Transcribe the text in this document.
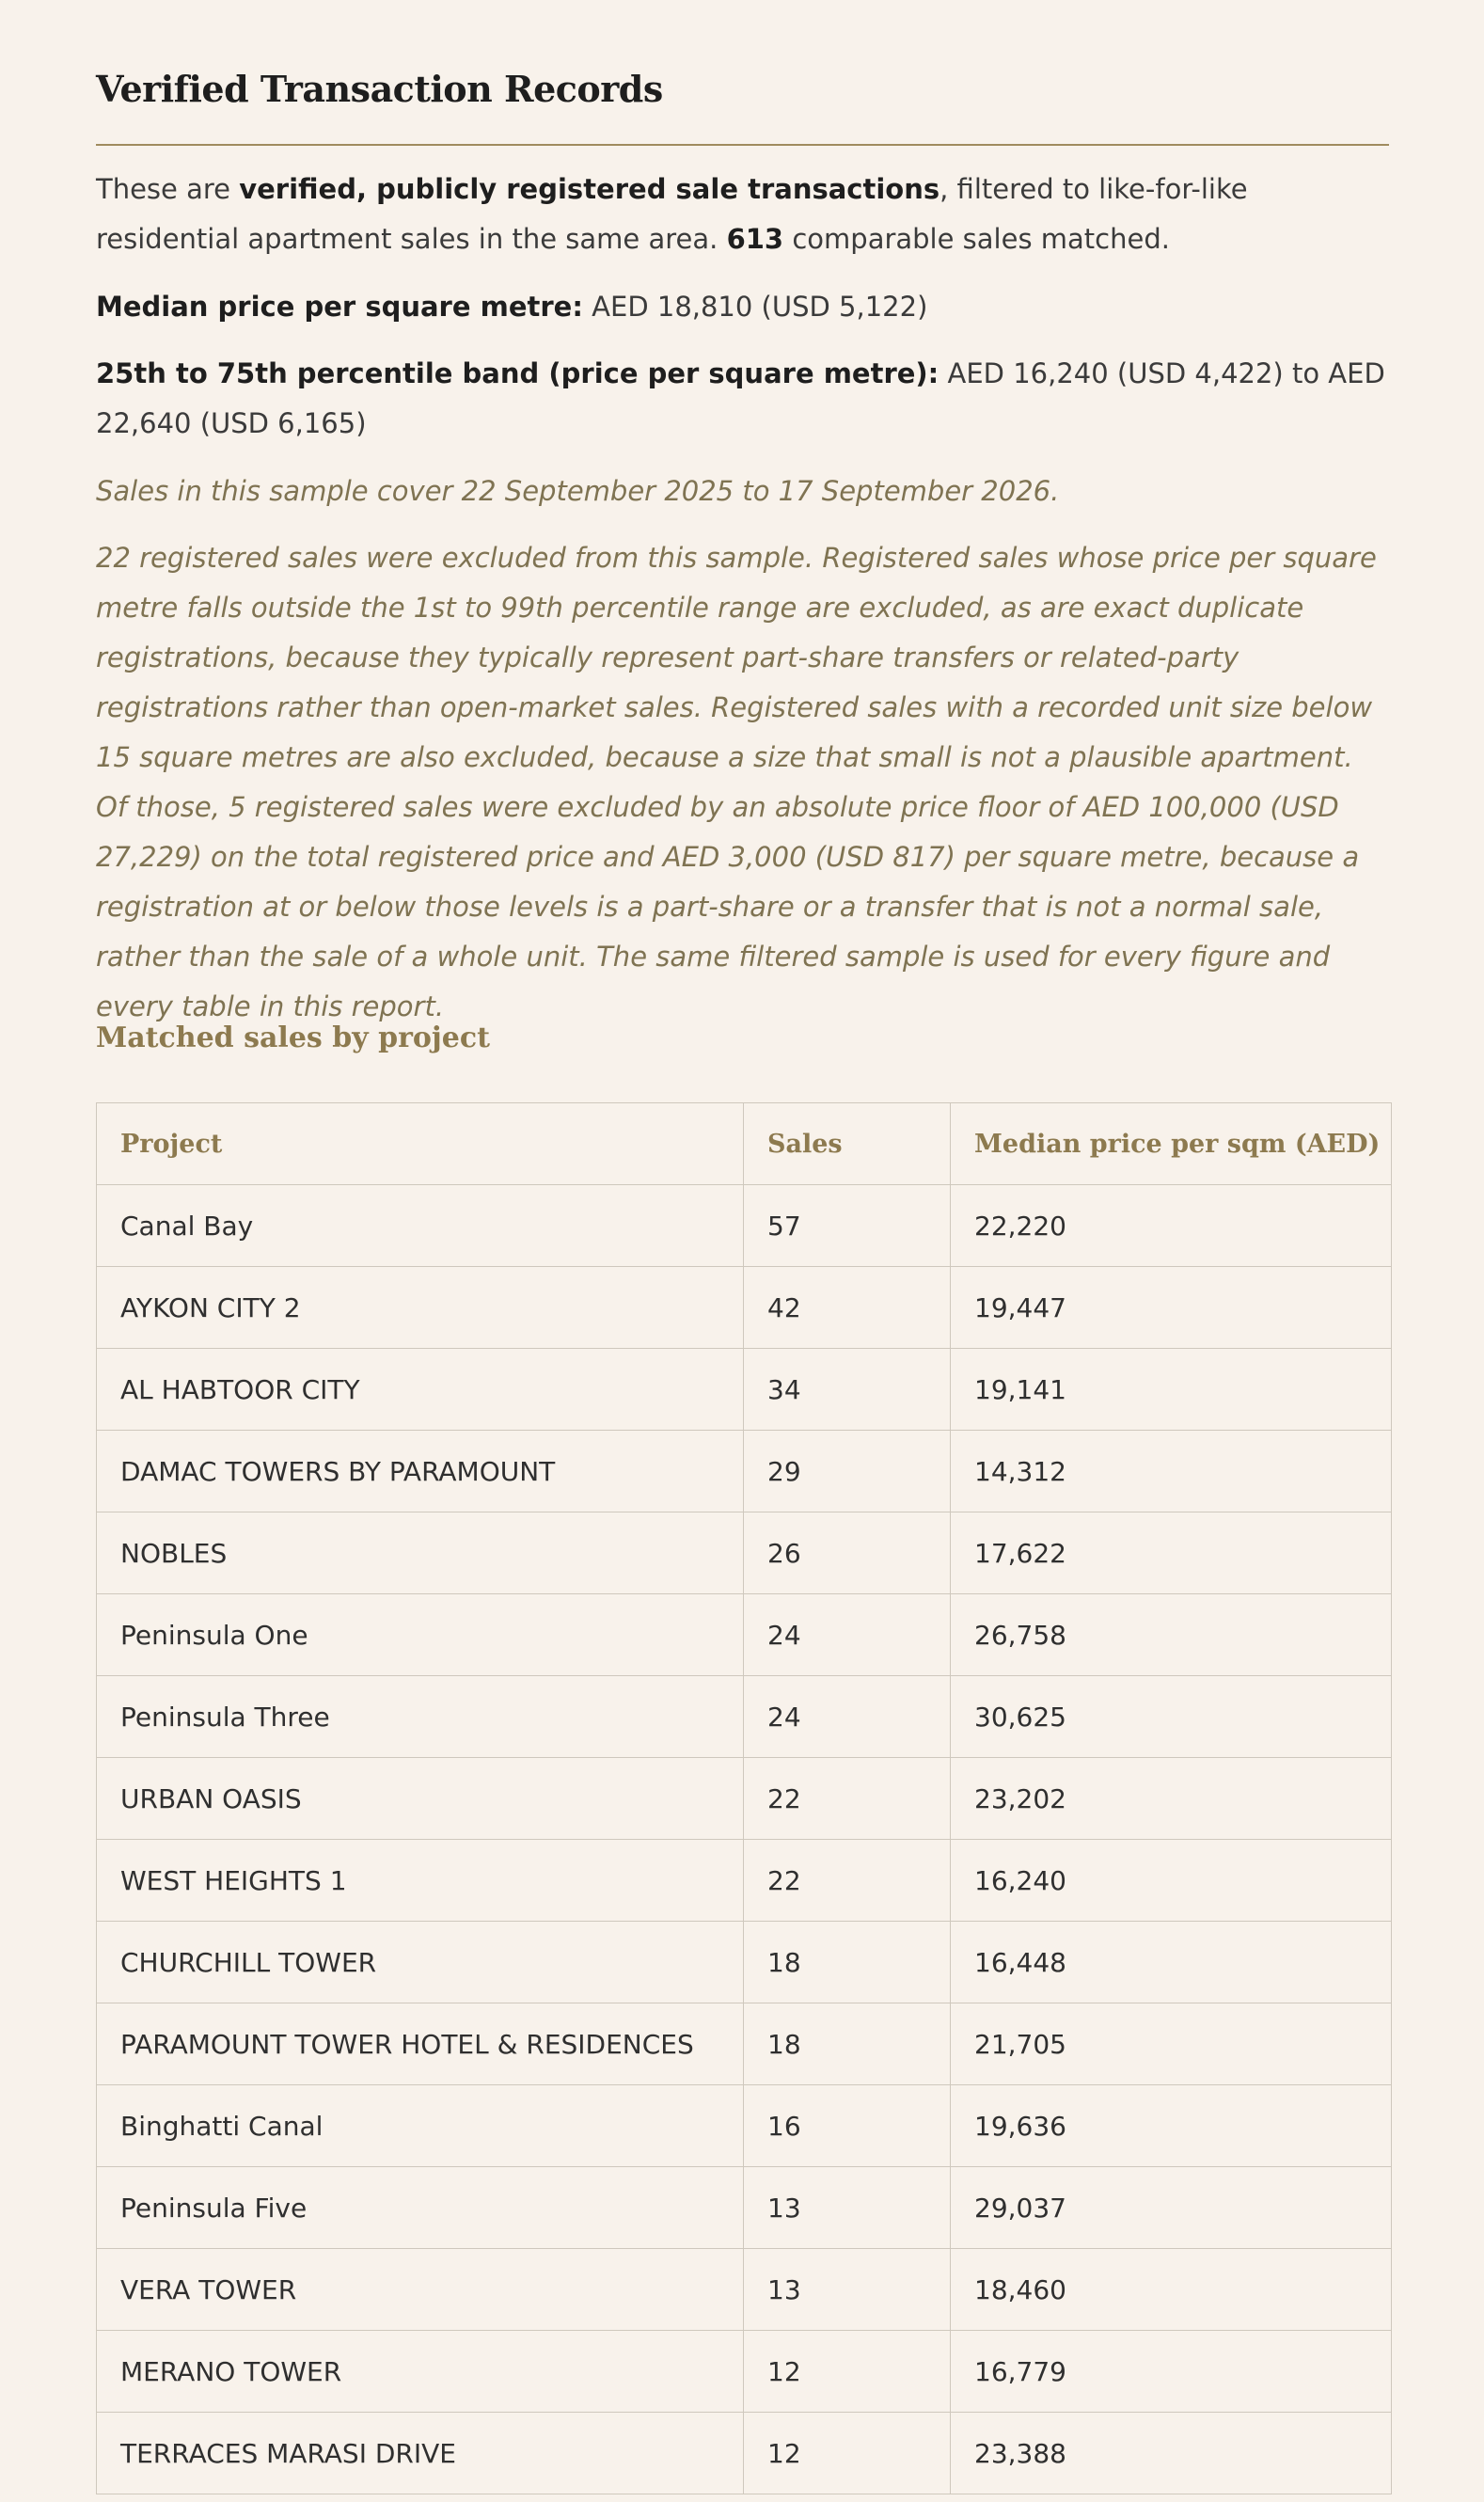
Verified Transaction Records

These are verified, publicly registered sale transactions, filtered to like-for-like residential apartment sales in the same area. 613 comparable sales matched.

Median price per square metre: AED 18,810 (USD 5,122)

25th to 75th percentile band (price per square metre): AED 16,240 (USD 4,422) to AED 22,640 (USD 6,165)

Sales in this sample cover 22 September 2025 to 17 September 2026.

22 registered sales were excluded from this sample. Registered sales whose price per square metre falls outside the 1st to 99th percentile range are excluded, as are exact duplicate registrations, because they typically represent part-share transfers or related-party registrations rather than open-market sales. Registered sales with a recorded unit size below 15 square metres are also excluded, because a size that small is not a plausible apartment. Of those, 5 registered sales were excluded by an absolute price floor of AED 100,000 (USD 27,229) on the total registered price and AED 3,000 (USD 817) per square metre, because a registration at or below those levels is a part-share or a transfer that is not a normal sale, rather than the sale of a whole unit. The same filtered sample is used for every figure and every table in this report.

Matched sales by project
Project	Sales	Median price per sqm (AED)
Canal Bay	57	22,220
AYKON CITY 2	42	19,447
AL HABTOOR CITY	34	19,141
DAMAC TOWERS BY PARAMOUNT	29	14,312
NOBLES	26	17,622
Peninsula One	24	26,758
Peninsula Three	24	30,625
URBAN OASIS	22	23,202
WEST HEIGHTS 1	22	16,240
CHURCHILL TOWER	18	16,448
PARAMOUNT TOWER HOTEL & RESIDENCES	18	21,705
Binghatti Canal	16	19,636
Peninsula Five	13	29,037
VERA TOWER	13	18,460
MERANO TOWER	12	16,779
TERRACES MARASI DRIVE	12	23,388
